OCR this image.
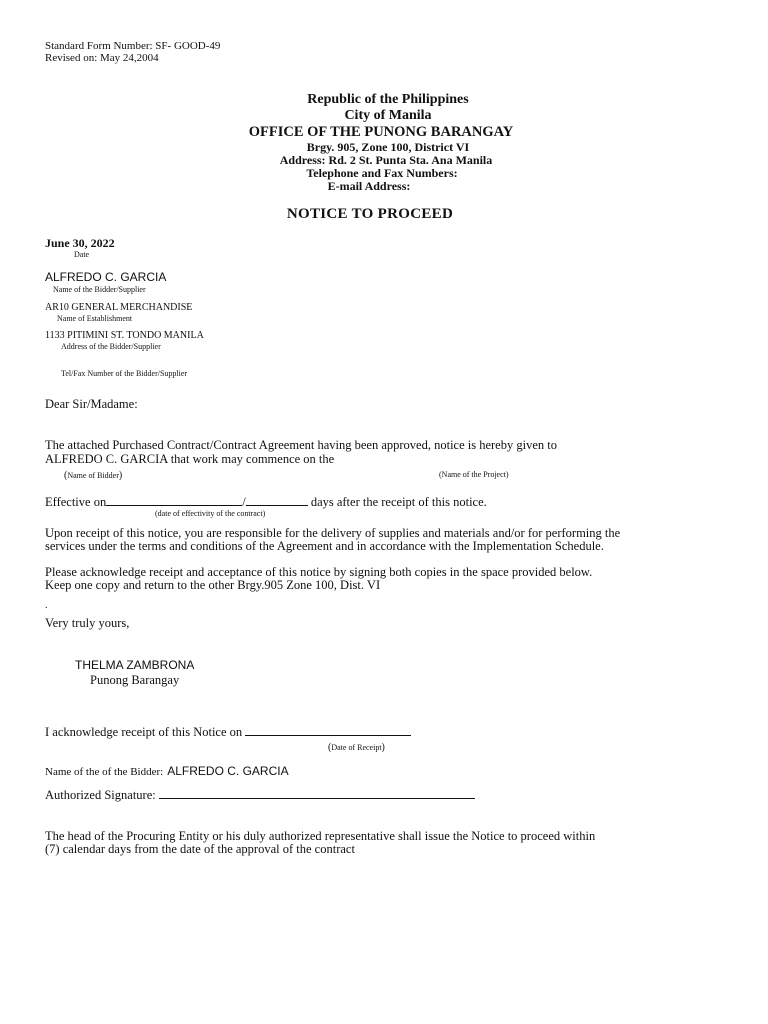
Standard Form Number: SF- GOOD-49
Revised on: May 24,2004
Republic of the Philippines
City of Manila
OFFICE OF THE PUNONG BARANGAY
Brgy. 905, Zone 100, District VI
Address: Rd. 2 St. Punta Sta. Ana Manila
Telephone and Fax Numbers:
E-mail Address:
NOTICE TO PROCEED
June 30, 2022
Date
ALFREDO C. GARCIA
Name of the Bidder/Supplier
AR10 GENERAL MERCHANDISE
Name of Establishment
1133 PITIMINI ST. TONDO MANILA
Address of the Bidder/Supplier
Tel/Fax Number of the Bidder/Supplier
Dear Sir/Madame:
The attached Purchased Contract/Contract Agreement having been approved, notice is hereby given to
ALFREDO C. GARCIA that work may commence on the
(Name of Bidder)	(Name of the Project)
Effective on	/	days after the receipt of this notice.
(date of effectivity of the contract)
Upon receipt of this notice, you are responsible for the delivery of supplies and materials and/or for performing the
services under the terms and conditions of the Agreement and in accordance with the Implementation Schedule.
Please acknowledge receipt and acceptance of this notice by signing both copies in the space provided below.
Keep one copy and return to the other Brgy.905 Zone 100, Dist. VI
.
Very truly yours,
THELMA ZAMBRONA
Punong Barangay
I acknowledge receipt of this Notice on
(Date of Receipt)
Name of the of the Bidder: ALFREDO C. GARCIA
Authorized Signature:
The head of the Procuring Entity or his duly authorized representative shall issue the Notice to proceed within
(7) calendar days from the date of the approval of the contract
